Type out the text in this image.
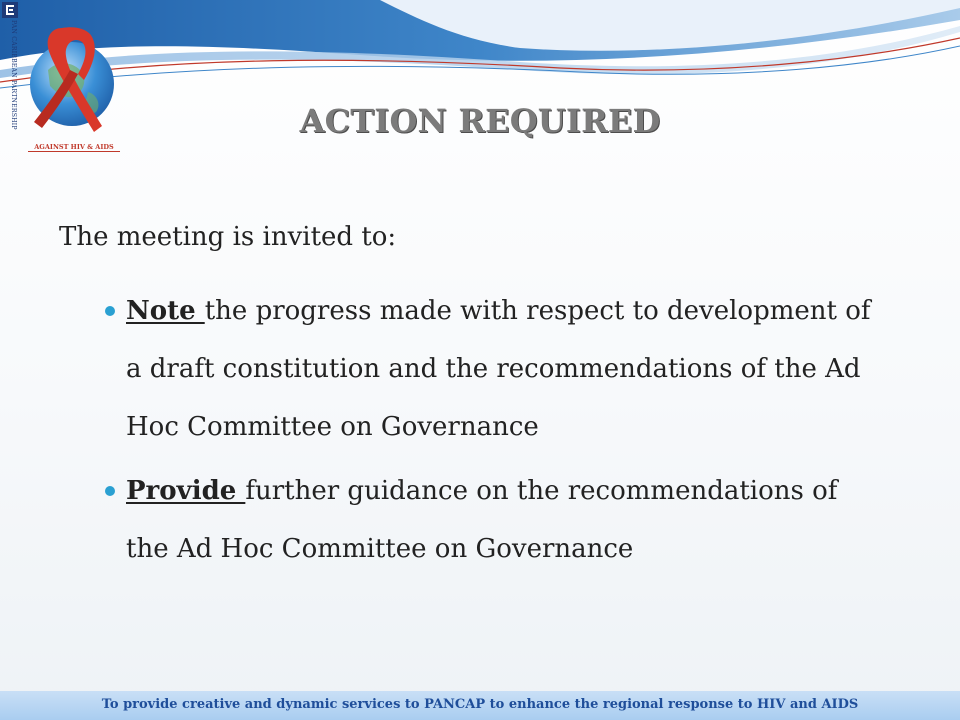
PAN CARIBBEAN PARTNERSHIP
AGAINST HIV & AIDS
ACTION REQUIRED
The meeting is invited to:
Note the progress made with respect to development of a draft constitution and the recommendations of the Ad Hoc Committee on Governance
Provide further guidance on the recommendations of the Ad Hoc Committee on Governance
To provide creative and dynamic services to PANCAP to enhance the regional response to HIV and AIDS
